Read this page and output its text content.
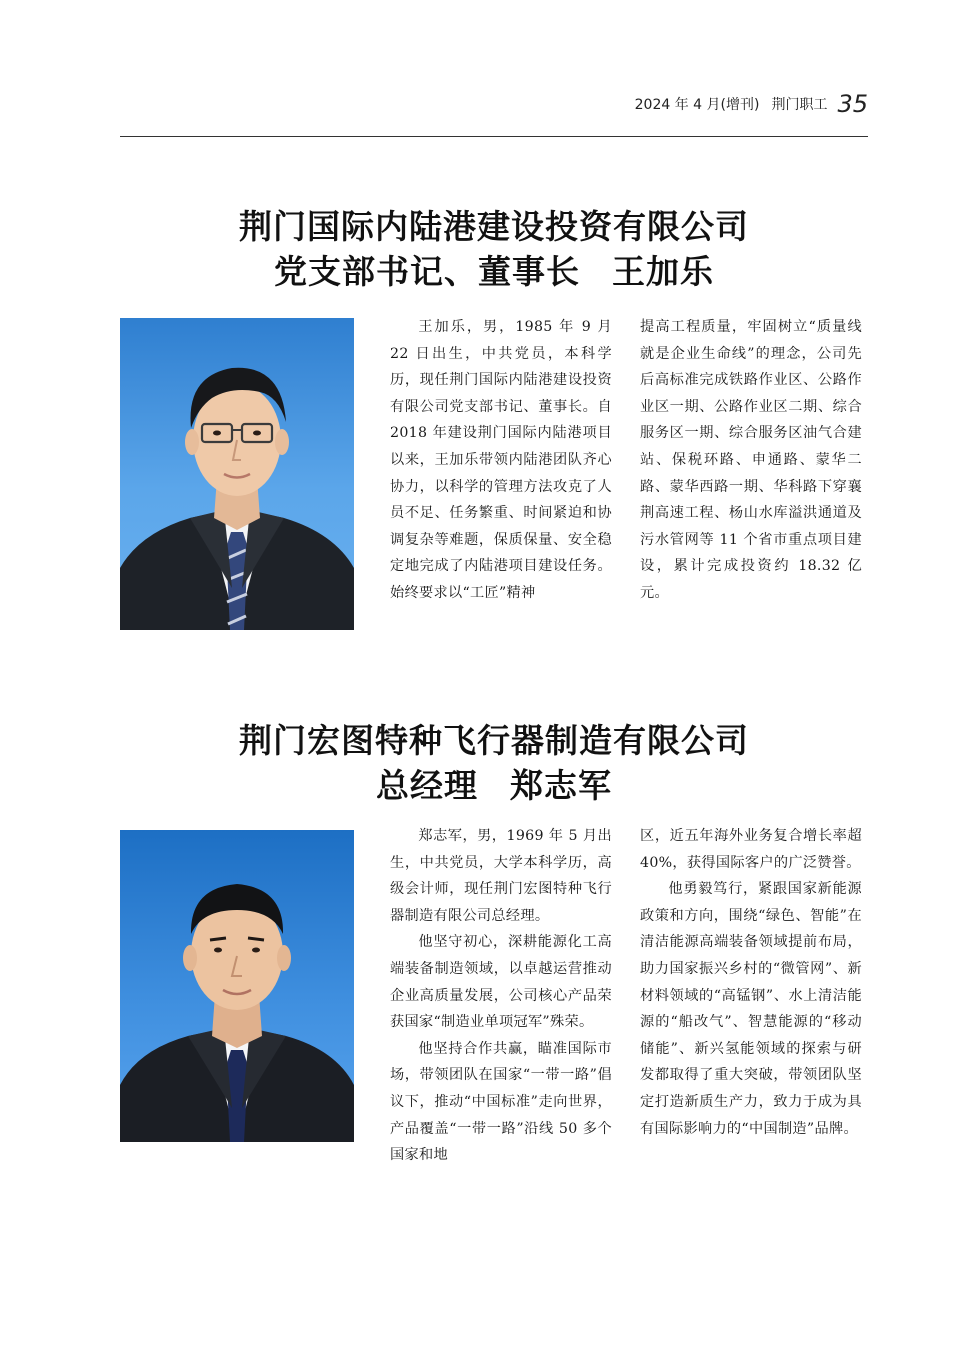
2024 年 4 月(增刊) 荆门职工 35
荆门国际内陆港建设投资有限公司
党支部书记、董事长 王加乐

王加乐，男，1985 年 9 月 22 日出生，中共党员，本科学历，现任荆门国际内陆港建设投资有限公司党支部书记、董事长。自 2018 年建设荆门国际内陆港项目以来，王加乐带领内陆港团队齐心协力，以科学的管理方法攻克了人员不足、任务繁重、时间紧迫和协调复杂等难题，保质保量、安全稳定地完成了内陆港项目建设任务。始终要求以“工匠”精神

提高工程质量，牢固树立“质量线就是企业生命线”的理念，公司先后高标准完成铁路作业区、公路作业区一期、公路作业区二期、综合服务区一期、综合服务区油气合建站、保税环路、申通路、蒙华二路、蒙华西路一期、华科路下穿襄荆高速工程、杨山水库溢洪通道及污水管网等 11 个省市重点项目建设，累计完成投资约 18.32 亿元。

荆门宏图特种飞行器制造有限公司
总经理 郑志军

郑志军，男，1969 年 5 月出生，中共党员，大学本科学历，高级会计师，现任荆门宏图特种飞行器制造有限公司总经理。

他坚守初心，深耕能源化工高端装备制造领域，以卓越运营推动企业高质量发展，公司核心产品荣获国家“制造业单项冠军”殊荣。

他坚持合作共赢，瞄准国际市场，带领团队在国家“一带一路”倡议下，推动“中国标准”走向世界，产品覆盖“一带一路”沿线 50 多个国家和地

区，近五年海外业务复合增长率超 40%，获得国际客户的广泛赞誉。

他勇毅笃行，紧跟国家新能源政策和方向，围绕“绿色、智能”在清洁能源高端装备领域提前布局，助力国家振兴乡村的“微管网”、新材料领域的“高锰钢”、水上清洁能源的“船改气”、智慧能源的“移动储能”、新兴氢能领域的探索与研发都取得了重大突破，带领团队坚定打造新质生产力，致力于成为具有国际影响力的“中国制造”品牌。
